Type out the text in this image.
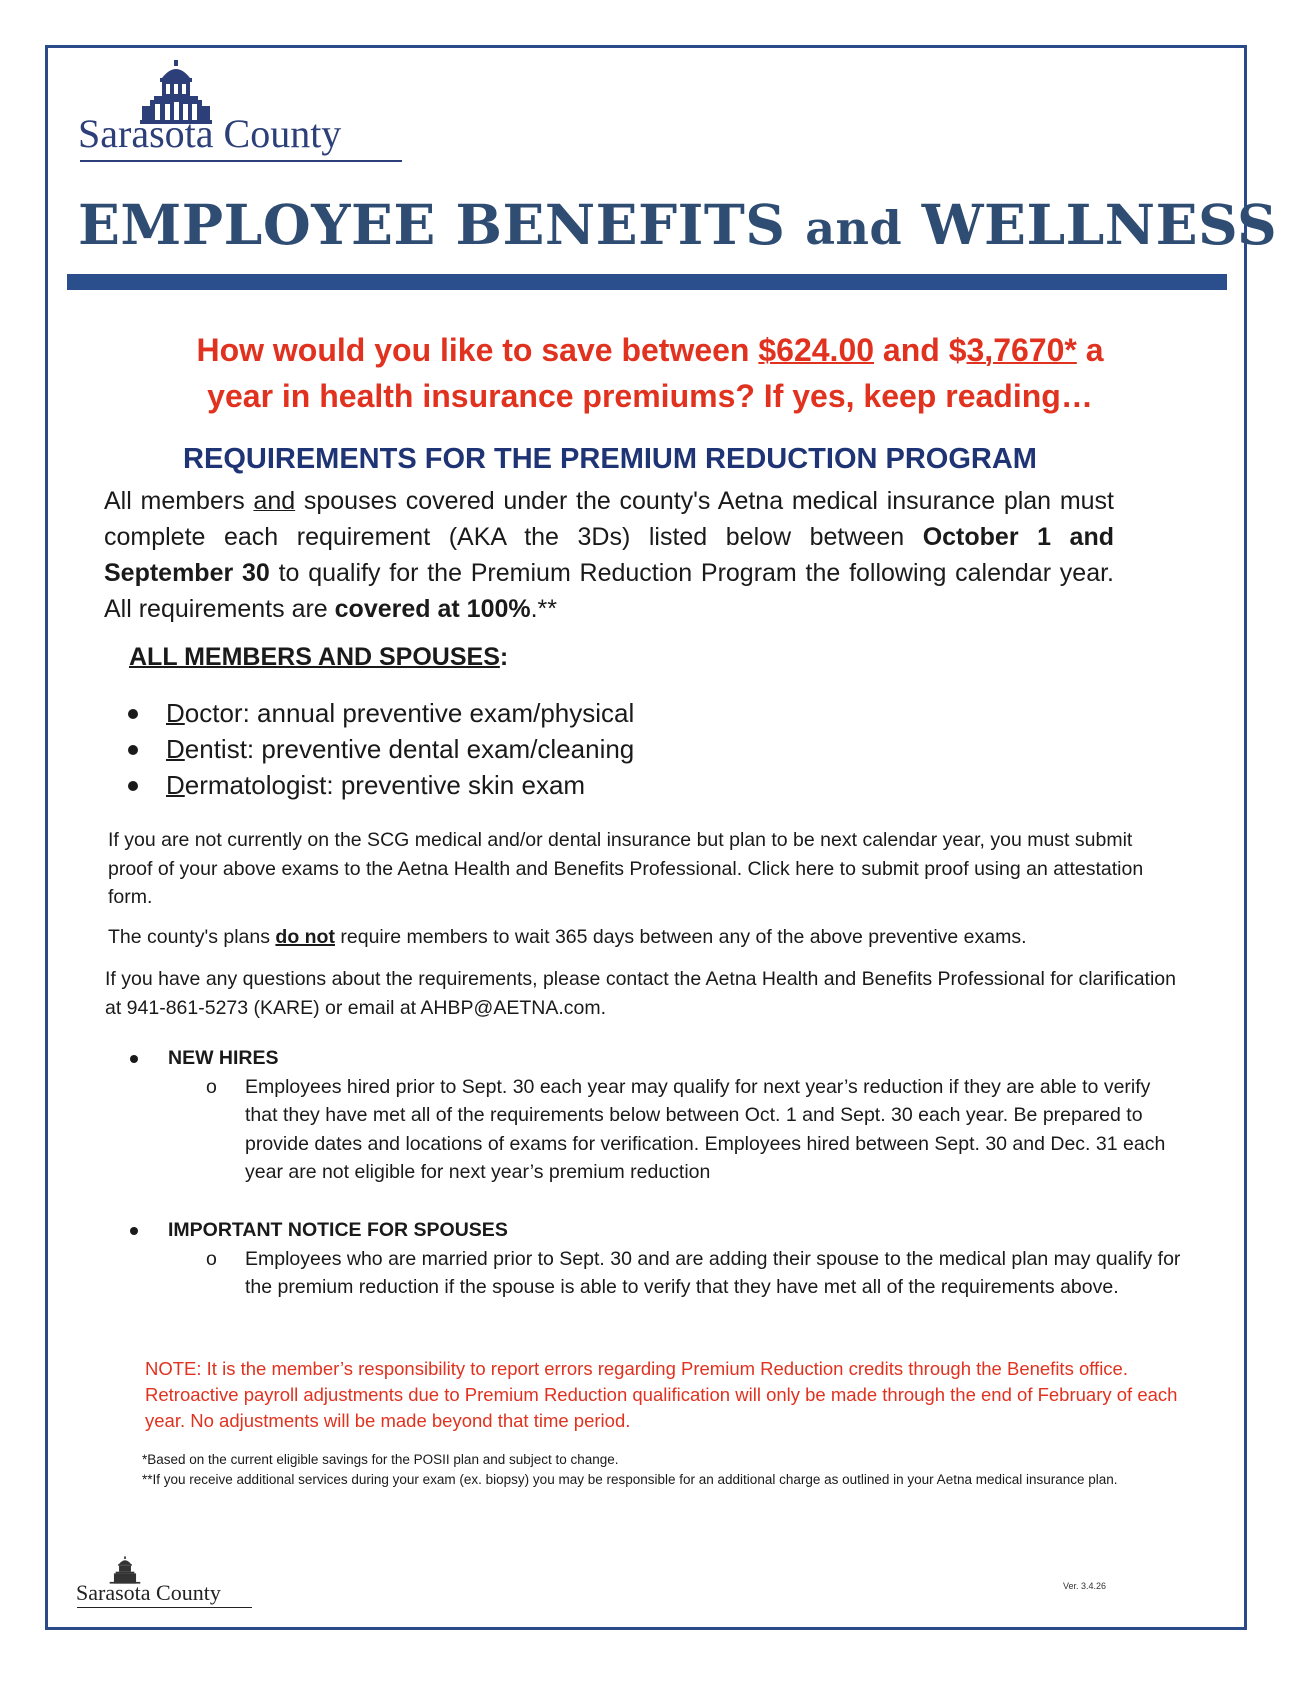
Sarasota County
EMPLOYEE BENEFITS and WELLNESS
How would you like to save between $624.00 and $3,7670* a
year in health insurance premiums? If yes, keep reading…
REQUIREMENTS FOR THE PREMIUM REDUCTION PROGRAM
All members and spouses covered under the county's Aetna medical insurance plan must complete each requirement (AKA the 3Ds) listed below between October 1 and September 30 to qualify for the Premium Reduction Program the following calendar year. All requirements are covered at 100%.**
ALL MEMBERS AND SPOUSES:
Doctor: annual preventive exam/physical
Dentist: preventive dental exam/cleaning
Dermatologist: preventive skin exam
If you are not currently on the SCG medical and/or dental insurance but plan to be next calendar year, you must submit proof of your above exams to the Aetna Health and Benefits Professional. Click here to submit proof using an attestation form.
The county's plans do not require members to wait 365 days between any of the above preventive exams.
If you have any questions about the requirements, please contact the Aetna Health and Benefits Professional for clarification at 941-861-5273 (KARE) or email at AHBP@AETNA.com.
NEW HIRES
o Employees hired prior to Sept. 30 each year may qualify for next year’s reduction if they are able to verify that they have met all of the requirements below between Oct. 1 and Sept. 30 each year. Be prepared to provide dates and locations of exams for verification. Employees hired between Sept. 30 and Dec. 31 each year are not eligible for next year’s premium reduction
IMPORTANT NOTICE FOR SPOUSES
o Employees who are married prior to Sept. 30 and are adding their spouse to the medical plan may qualify for the premium reduction if the spouse is able to verify that they have met all of the requirements above.
NOTE: It is the member’s responsibility to report errors regarding Premium Reduction credits through the Benefits office. Retroactive payroll adjustments due to Premium Reduction qualification will only be made through the end of February of each year. No adjustments will be made beyond that time period.
*Based on the current eligible savings for the POSII plan and subject to change.
**If you receive additional services during your exam (ex. biopsy) you may be responsible for an additional charge as outlined in your Aetna medical insurance plan.
Sarasota County	Ver. 3.4.26
